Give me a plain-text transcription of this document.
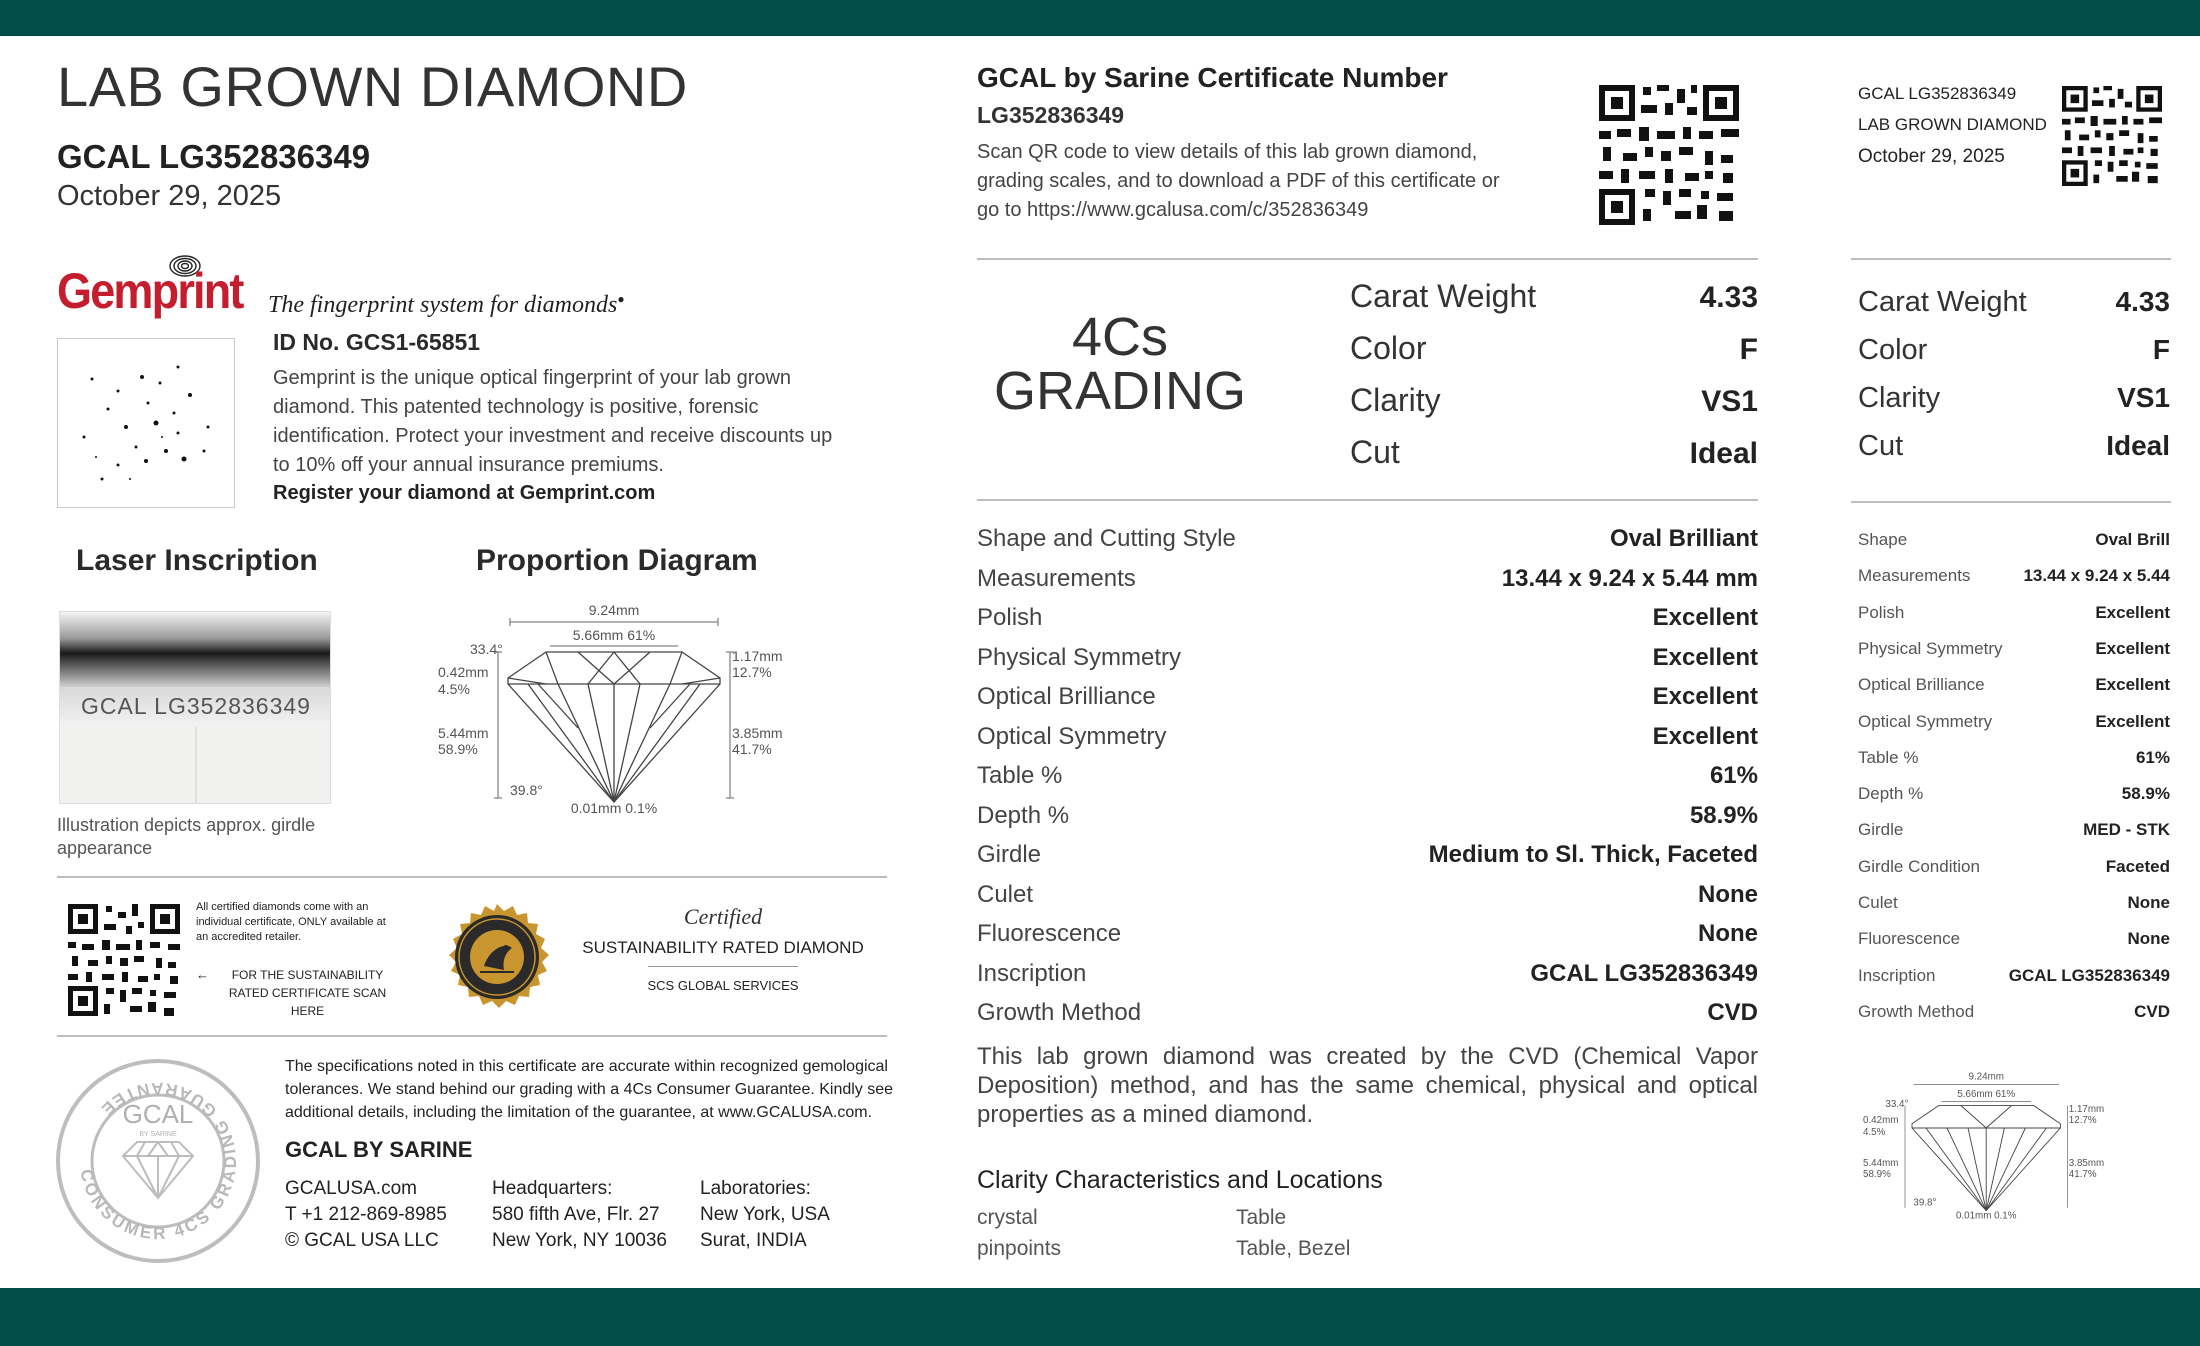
LAB GROWN DIAMOND
GCAL LG352836349
October 29, 2025
Gemprint	The fingerprint system for diamonds●
ID No. GCS1-65851
Gemprint is the unique optical fingerprint of your lab grown diamond. This patented technology is positive, forensic identification. Protect your investment and receive discounts up to 10% off your annual insurance premiums.
Register your diamond at Gemprint.com
Laser Inscription	Proportion Diagram
GCAL LG352836349
Illustration depicts approx. girdle appearance
9.24mm
5.66mm 61%
33.4°
0.42mm
4.5%
5.44mm
58.9%
1.17mm
12.7%
3.85mm
41.7%
39.8°
0.01mm 0.1%
All certified diamonds come with an individual certificate, ONLY available at an accredited retailer.
←	FOR THE SUSTAINABILITY RATED CERTIFICATE SCAN HERE
Certified
SUSTAINABILITY RATED DIAMOND
SCS GLOBAL SERVICES
CONSUMER 4CS GRADING GUARANTEE GCAL
BY SARINE
The specifications noted in this certificate are accurate within recognized gemological tolerances. We stand behind our grading with a 4Cs Consumer Guarantee. Kindly see additional details, including the limitation of the guarantee, at www.GCALUSA.com.
GCAL BY SARINE
GCALUSA.com
T +1 212-869-8985
© GCAL USA LLC
Headquarters:
580 fifth Ave, Flr. 27
New York, NY 10036
Laboratories:
New York, USA
Surat, INDIA
GCAL by Sarine Certificate Number
LG352836349
Scan QR code to view details of this lab grown diamond, grading scales, and to download a PDF of this certificate or go to https://www.gcalusa.com/c/352836349
4Cs
GRADING
Carat Weight	4.33
Color	F
Clarity	VS1
Cut	Ideal
Shape and Cutting Style	Oval Brilliant
Measurements	13.44 x 9.24 x 5.44 mm
Polish	Excellent
Physical Symmetry	Excellent
Optical Brilliance	Excellent
Optical Symmetry	Excellent
Table %	61%
Depth %	58.9%
Girdle	Medium to Sl. Thick, Faceted
Culet	None
Fluorescence	None
Inscription	GCAL LG352836349
Growth Method	CVD
This lab grown diamond was created by the CVD (Chemical Vapor Deposition) method, and has the same chemical, physical and optical properties as a mined diamond.
Clarity Characteristics and Locations
crystal	Table
pinpoints	Table, Bezel
GCAL LG352836349
LAB GROWN DIAMOND
October 29, 2025
Carat Weight	4.33
Color	F
Clarity	VS1
Cut	Ideal
Shape	Oval Brill
Measurements	13.44 x 9.24 x 5.44
Polish	Excellent
Physical Symmetry	Excellent
Optical Brilliance	Excellent
Optical Symmetry	Excellent
Table %	61%
Depth %	58.9%
Girdle	MED - STK
Girdle Condition	Faceted
Culet	None
Fluorescence	None
Inscription	GCAL LG352836349
Growth Method	CVD
9.24mm
5.66mm 61%
33.4°
0.42mm
4.5%
5.44mm
58.9%
1.17mm
12.7%
3.85mm
41.7%
39.8°
0.01mm 0.1%
